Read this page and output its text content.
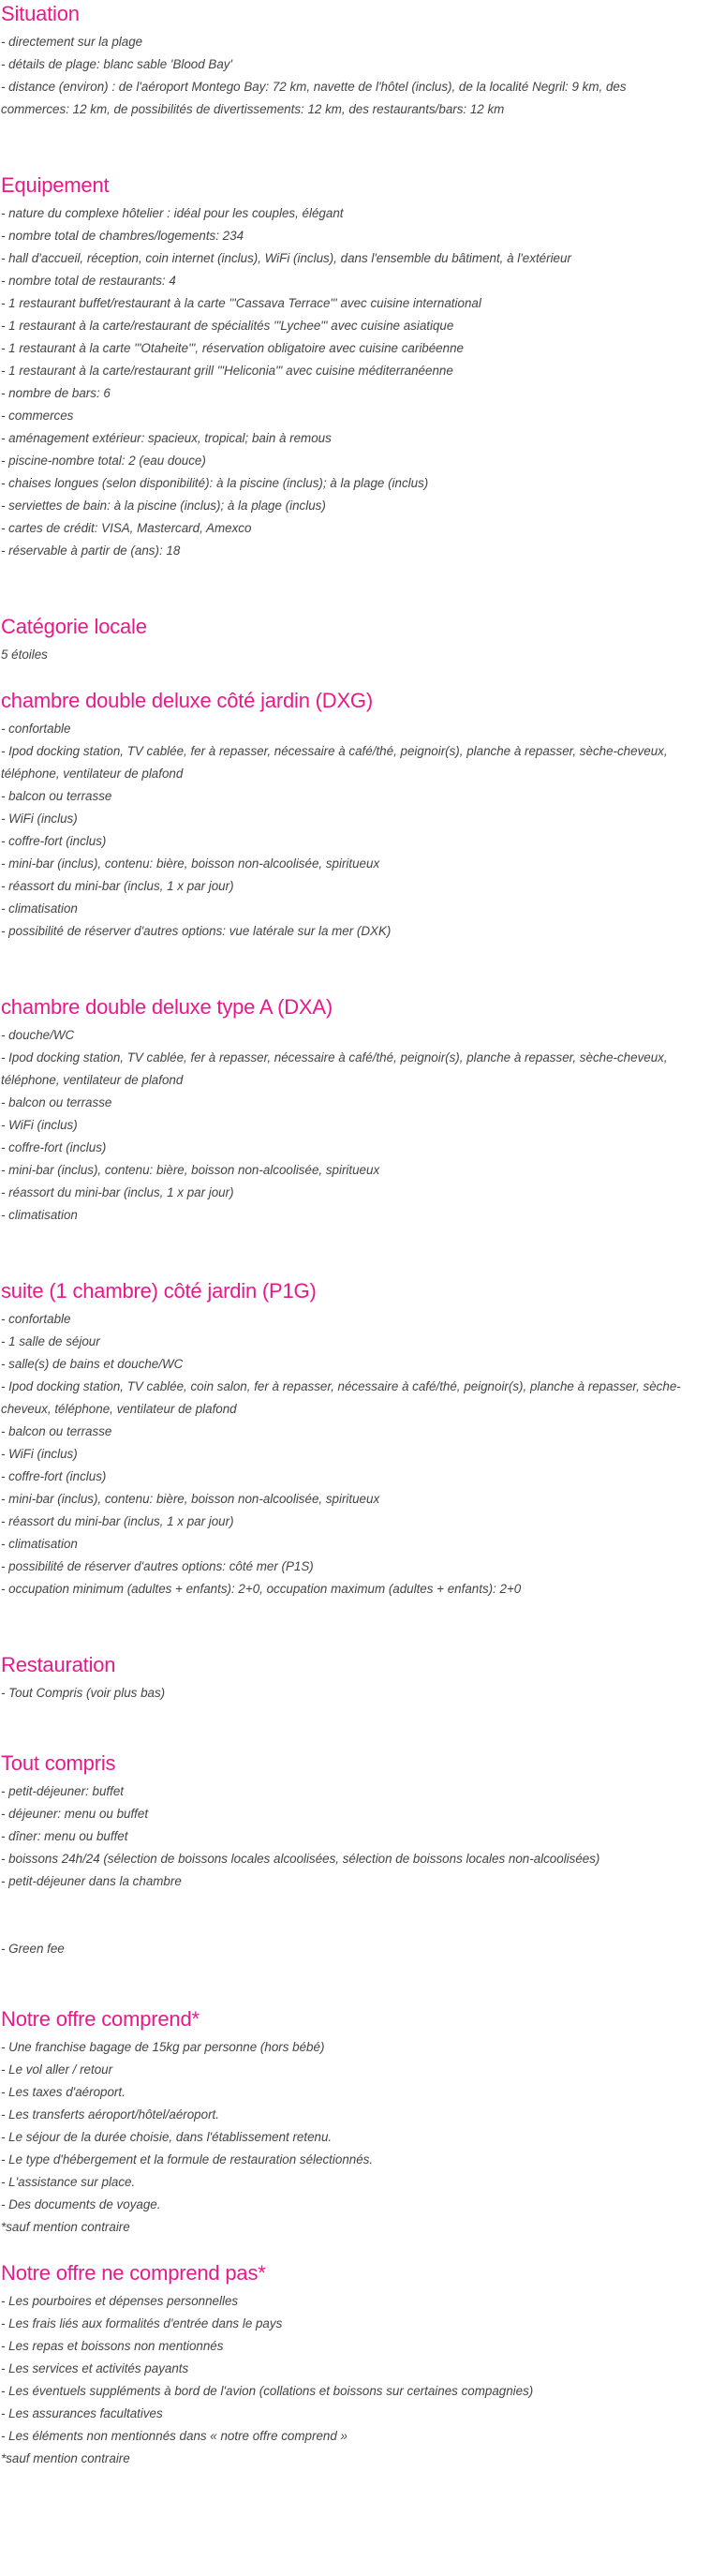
Situation
- directement sur la plage
- détails de plage: blanc sable 'Blood Bay'
- distance (environ) : de l'aéroport Montego Bay: 72 km, navette de l'hôtel (inclus), de la localité Negril: 9 km, des commerces: 12 km, de possibilités de divertissements: 12 km, des restaurants/bars: 12 km
Equipement
- nature du complexe hôtelier : idéal pour les couples, élégant
- nombre total de chambres/logements: 234
- hall d'accueil, réception, coin internet (inclus), WiFi (inclus), dans l'ensemble du bâtiment, à l'extérieur
- nombre total de restaurants: 4
- 1 restaurant buffet/restaurant à la carte '"Cassava Terrace"' avec cuisine international
- 1 restaurant à la carte/restaurant de spécialités '"Lychee"' avec cuisine asiatique
- 1 restaurant à la carte '"Otaheite"', réservation obligatoire avec cuisine caribéenne
- 1 restaurant à la carte/restaurant grill '"Heliconia"' avec cuisine méditerranéenne
- nombre de bars: 6
- commerces
- aménagement extérieur: spacieux, tropical; bain à remous
- piscine-nombre total: 2 (eau douce)
- chaises longues (selon disponibilité): à la piscine (inclus); à la plage (inclus)
- serviettes de bain: à la piscine (inclus); à la plage (inclus)
- cartes de crédit: VISA, Mastercard, Amexco
- réservable à partir de (ans): 18
Catégorie locale
5 étoiles
chambre double deluxe côté jardin (DXG)
- confortable
- Ipod docking station, TV cablée, fer à repasser, nécessaire à café/thé, peignoir(s), planche à repasser, sèche-cheveux, téléphone, ventilateur de plafond
- balcon ou terrasse
- WiFi (inclus)
- coffre-fort (inclus)
- mini-bar (inclus), contenu: bière, boisson non-alcoolisée, spiritueux
- réassort du mini-bar (inclus, 1 x par jour)
- climatisation
- possibilité de réserver d'autres options: vue latérale sur la mer (DXK)
chambre double deluxe type A (DXA)
- douche/WC
- Ipod docking station, TV cablée, fer à repasser, nécessaire à café/thé, peignoir(s), planche à repasser, sèche-cheveux, téléphone, ventilateur de plafond
- balcon ou terrasse
- WiFi (inclus)
- coffre-fort (inclus)
- mini-bar (inclus), contenu: bière, boisson non-alcoolisée, spiritueux
- réassort du mini-bar (inclus, 1 x par jour)
- climatisation
suite (1 chambre) côté jardin (P1G)
- confortable
- 1 salle de séjour
- salle(s) de bains et douche/WC
- Ipod docking station, TV cablée, coin salon, fer à repasser, nécessaire à café/thé, peignoir(s), planche à repasser, sèche-cheveux, téléphone, ventilateur de plafond
- balcon ou terrasse
- WiFi (inclus)
- coffre-fort (inclus)
- mini-bar (inclus), contenu: bière, boisson non-alcoolisée, spiritueux
- réassort du mini-bar (inclus, 1 x par jour)
- climatisation
- possibilité de réserver d'autres options: côté mer (P1S)
- occupation minimum (adultes + enfants): 2+0, occupation maximum (adultes + enfants): 2+0
Restauration
- Tout Compris (voir plus bas)
Tout compris
- petit-déjeuner: buffet
- déjeuner: menu ou buffet
- dîner: menu ou buffet
- boissons 24h/24 (sélection de boissons locales alcoolisées, sélection de boissons locales non-alcoolisées)
- petit-déjeuner dans la chambre
- Green fee
Notre offre comprend*
- Une franchise bagage de 15kg par personne (hors bébé)
- Le vol aller / retour
- Les taxes d'aéroport.
- Les transferts aéroport/hôtel/aéroport.
- Le séjour de la durée choisie, dans l'établissement retenu.
- Le type d'hébergement et la formule de restauration sélectionnés.
- L'assistance sur place.
- Des documents de voyage.
*sauf mention contraire
Notre offre ne comprend pas*
- Les pourboires et dépenses personnelles
- Les frais liés aux formalités d'entrée dans le pays
- Les repas et boissons non mentionnés
- Les services et activités payants
- Les éventuels suppléments à bord de l'avion (collations et boissons sur certaines compagnies)
- Les assurances facultatives
- Les éléments non mentionnés dans « notre offre comprend »
*sauf mention contraire
